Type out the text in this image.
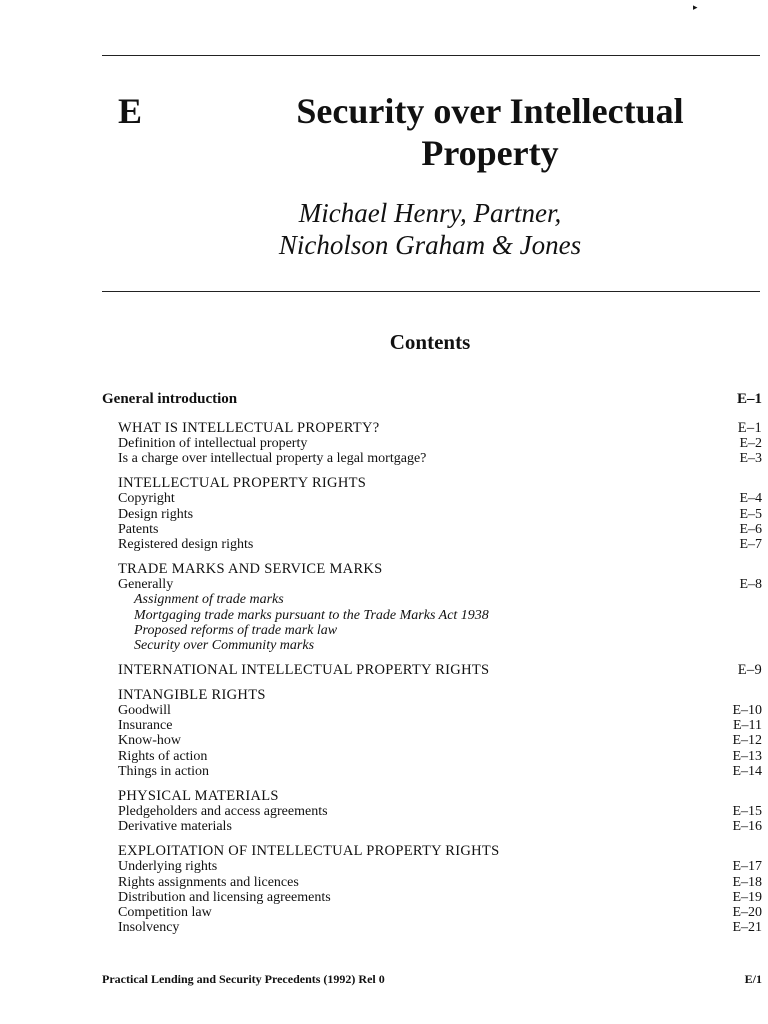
▸
E	Security over Intellectual
Property
Michael Henry, Partner,
Nicholson Graham & Jones
Contents
General introduction	E–1
WHAT IS INTELLECTUAL PROPERTY?	E–1
Definition of intellectual property	E–2
Is a charge over intellectual property a legal mortgage?	E–3
INTELLECTUAL PROPERTY RIGHTS
Copyright	E–4
Design rights	E–5
Patents	E–6
Registered design rights	E–7
TRADE MARKS AND SERVICE MARKS
Generally	E–8
Assignment of trade marks
Mortgaging trade marks pursuant to the Trade Marks Act 1938
Proposed reforms of trade mark law
Security over Community marks
INTERNATIONAL INTELLECTUAL PROPERTY RIGHTS	E–9
INTANGIBLE RIGHTS
Goodwill	E–10
Insurance	E–11
Know-how	E–12
Rights of action	E–13
Things in action	E–14
PHYSICAL MATERIALS
Pledgeholders and access agreements	E–15
Derivative materials	E–16
EXPLOITATION OF INTELLECTUAL PROPERTY RIGHTS
Underlying rights	E–17
Rights assignments and licences	E–18
Distribution and licensing agreements	E–19
Competition law	E–20
Insolvency	E–21
Practical Lending and Security Precedents (1992) Rel 0	E/1
